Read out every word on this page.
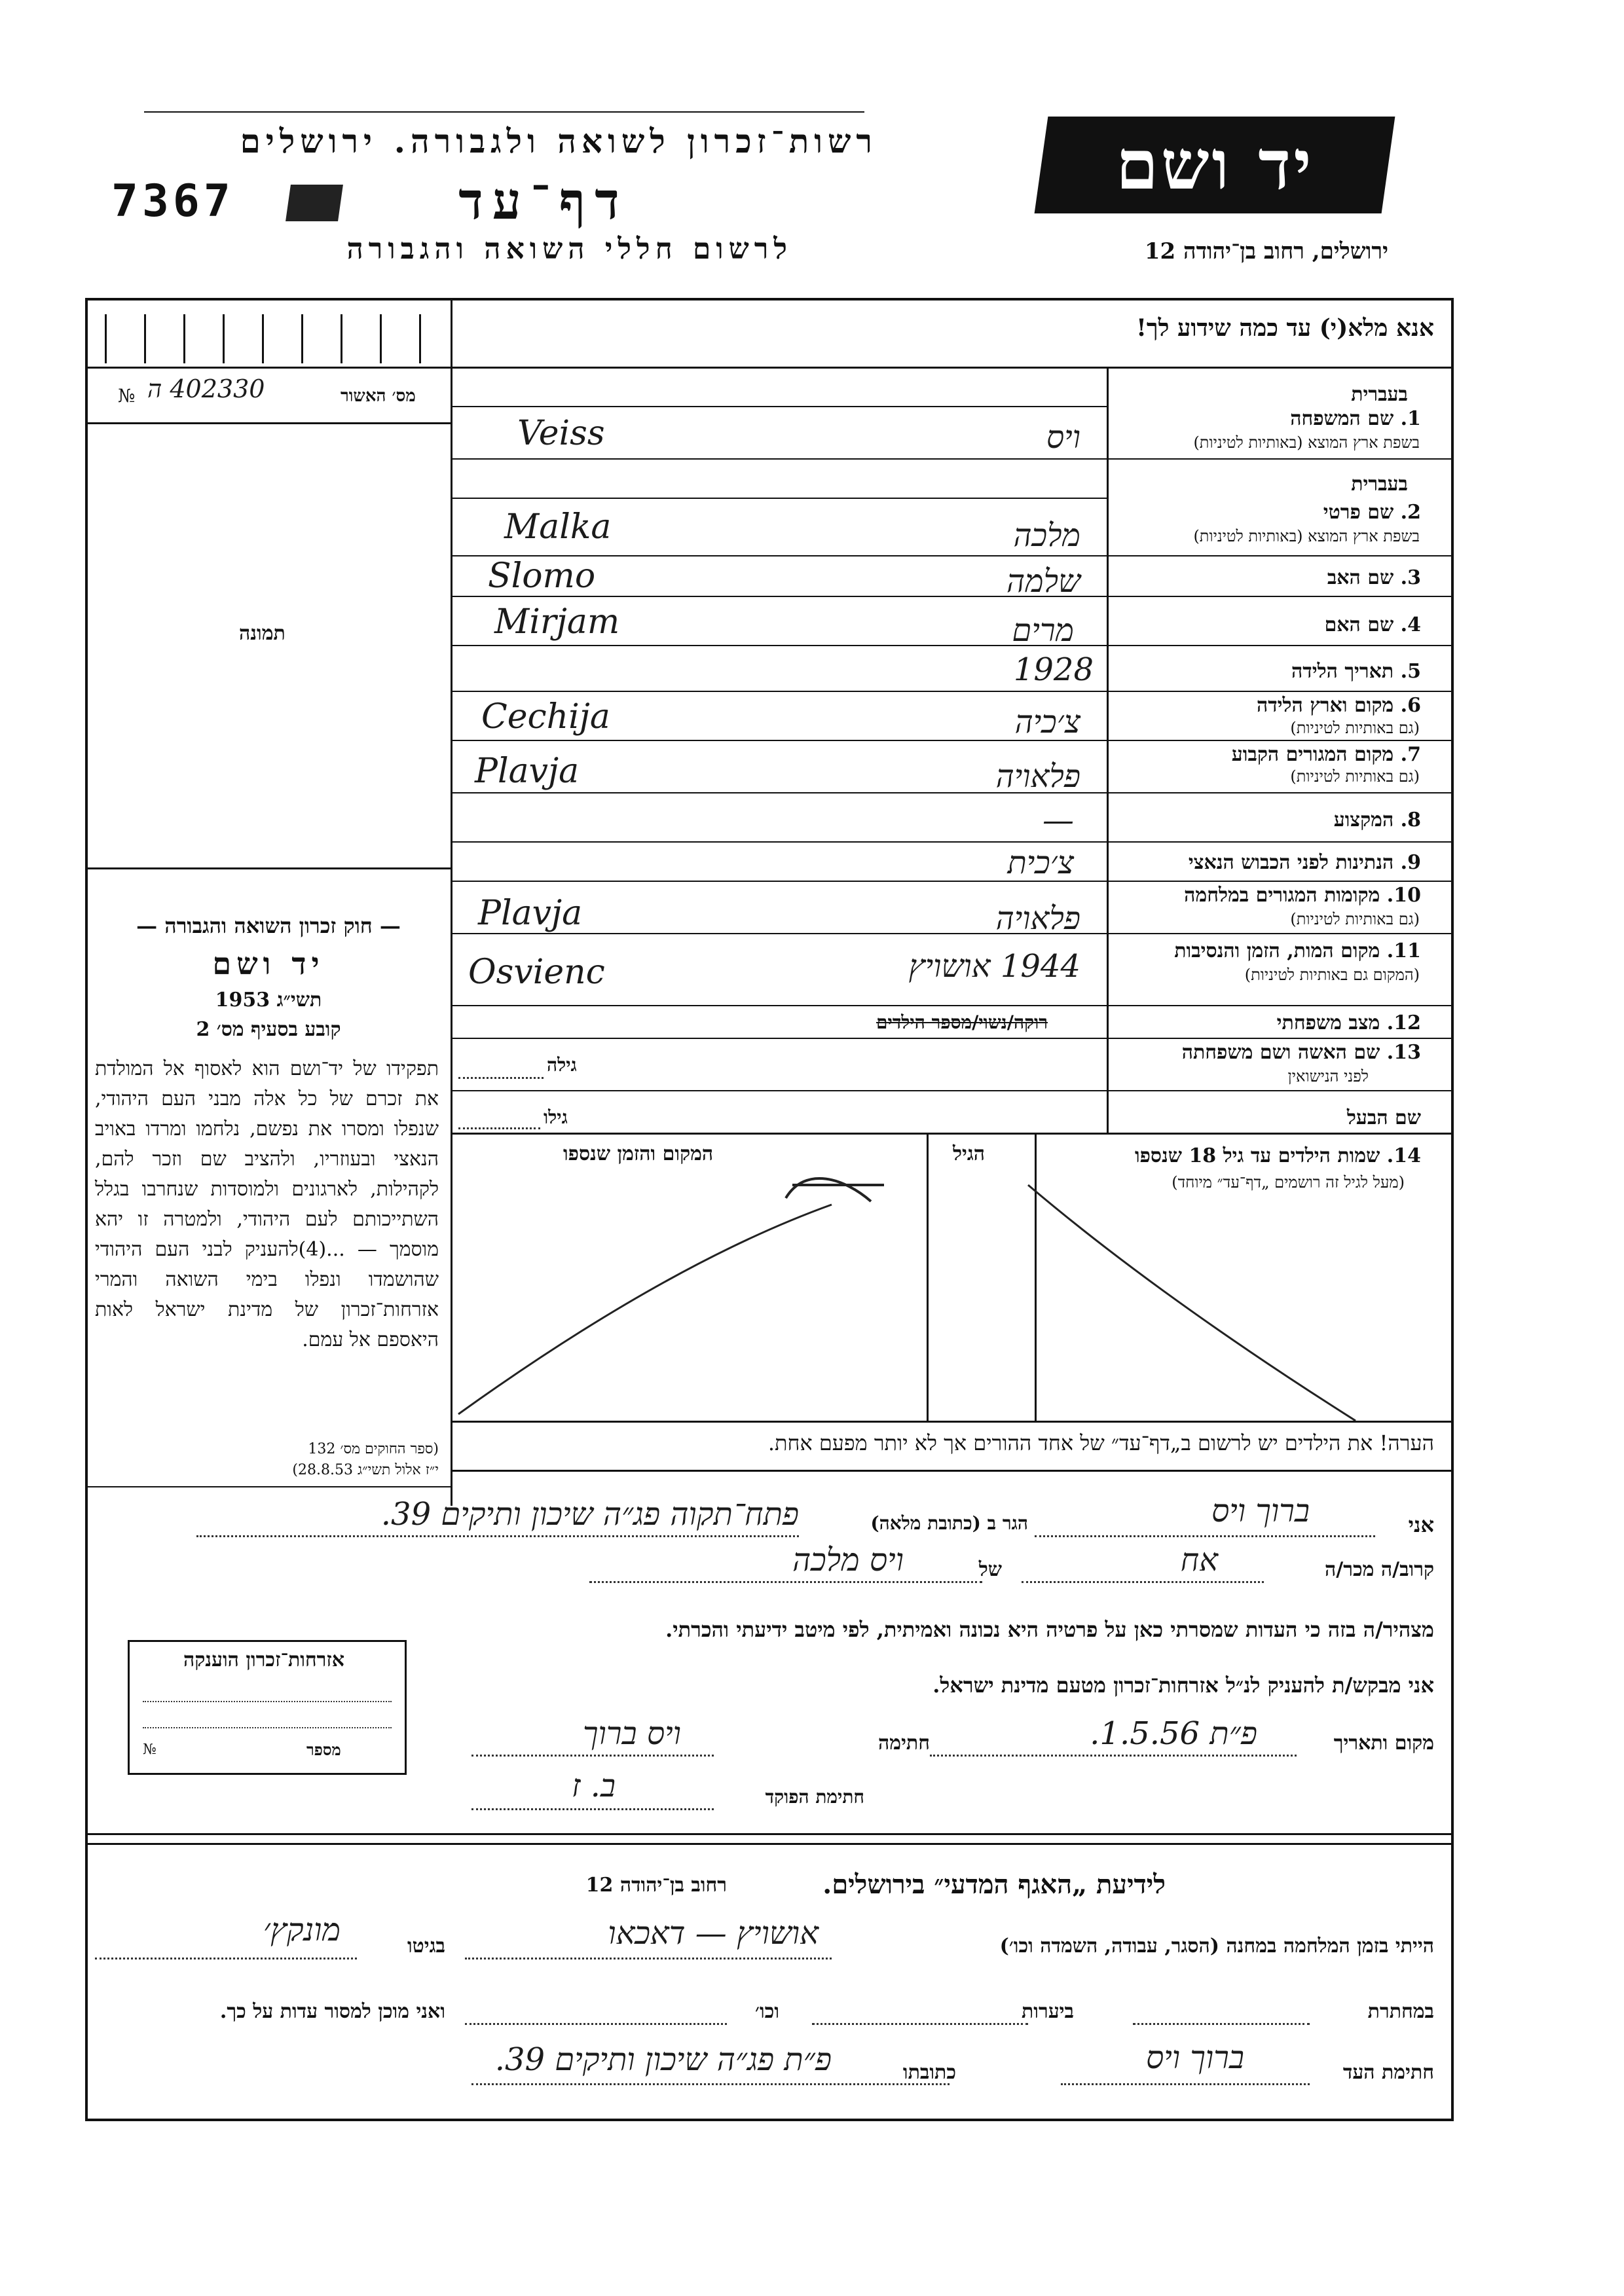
רשות־זכרון לשואה ולגבורה. ירושלים
7367	דף־עד
לרשום חללי השואה והגבורה
יד ושם
ירושלים, רחוב בן־יהודה 12
אנא מלא(י) עד כמה שידוע לך!
№ 402330 ה	מס׳ האשור
תמונה
בעברית
1. שם המשפחה
בשפת ארץ המוצא (באותיות לטיניות)
Veiss	ויס
בעברית
2. שם פרטי
בשפת ארץ המוצא (באותיות לטיניות)
Malka	מלכה
3. שם האב
Slomo	שלמה
4. שם האם
Mirjam	מרים
5. תאריך הלידה
1928
6. מקום וארץ הלידה
(גם באותיות לטיניות)
Cechija	צ׳כיה
7. מקום המגורים הקבוע
(גם באותיות לטיניות)
Plavja	פלאויה
8. המקצוע
—
9. הנתינות לפני הכבוש הנאצי
צ׳כית
10. מקומות המגורים במלחמה
(גם באותיות לטיניות)
Plavja	פלאויה
11. מקום המות, הזמן והנסיבות
(המקום גם באותיות לטיניות)
Osvienc	1944 אושויץ
12. מצב משפחתי
רוקה/נשוי/מספר הילדים
13. שם האשה ושם משפחתה
לפני הנישואין
גילה
שם הבעל
גילו
14. שמות הילדים עד גיל 18 שנספו
(מעל לגיל זה רושמים „דף־עד״ מיוחד)
הגיל
המקום והזמן שנספו
הערה! את הילדים יש לרשום ב„דף־עד״ של אחד ההורים אך לא יותר מפעם אחת.
— חוק זכרון השואה והגבורה —
יד ושם
תשי״ג 1953
קובע בסעיף מס׳ 2
תפקידו של יד־ושם הוא לאסוף אל המולדת את זכרם של כל אלה מבני העם היהודי, שנפלו ומסרו את נפשם, נלחמו ומרדו באויב הנאצי ובעוזריו, ולהציב שם וזכר להם, לקהילות, לארגונים ולמוסדות שנחרבו בגלל השתייכותם לעם היהודי, ולמטרה זו יהא מוסמך — ...(4)להעניק לבני העם היהודי שהושמדו ונפלו בימי השואה והמרי אזרחות־זכרון של מדינת ישראל לאות היאספם אל עמם.
(ספר החוקים מס׳ 132
י״ז אלול תשי״ג 28.8.53)
אני
ברוך ויס
הגר ב (כתובת מלאה)
פתח־תקוה פג״ה שיכון ותיקים 39.
קרוב/ה מכר/ה
אח
של
ויס מלכה
מצהיר/ה בזה כי העדות שמסרתי כאן על פרטיה היא נכונה ואמיתית, לפי מיטב ידיעתי והכרתי.
אני מבקש/ת להעניק לנ״ל אזרחות־זכרון מטעם מדינת ישראל.
מקום ותאריך
פ״ת 1.5.56.
חתימה
ויס ברוך
חתימת הפוקד
ב. ז
אזרחות־זכרון הוענקה
№	מספר
לידיעת „האגף המדעי״ בירושלים.
רחוב בן־יהודה 12
הייתי בזמן המלחמה במחנה (הסגר, עבודה, השמדה וכו׳)
אושויץ — דאכאו
בגיטו
מונקץ׳
במחתרת
ביערות
וכו׳
ואני מוכן למסור עדות על כך.
חתימת העד
ברוך ויס
כתובתו
פ״ת פג״ה שיכון ותיקים 39.
